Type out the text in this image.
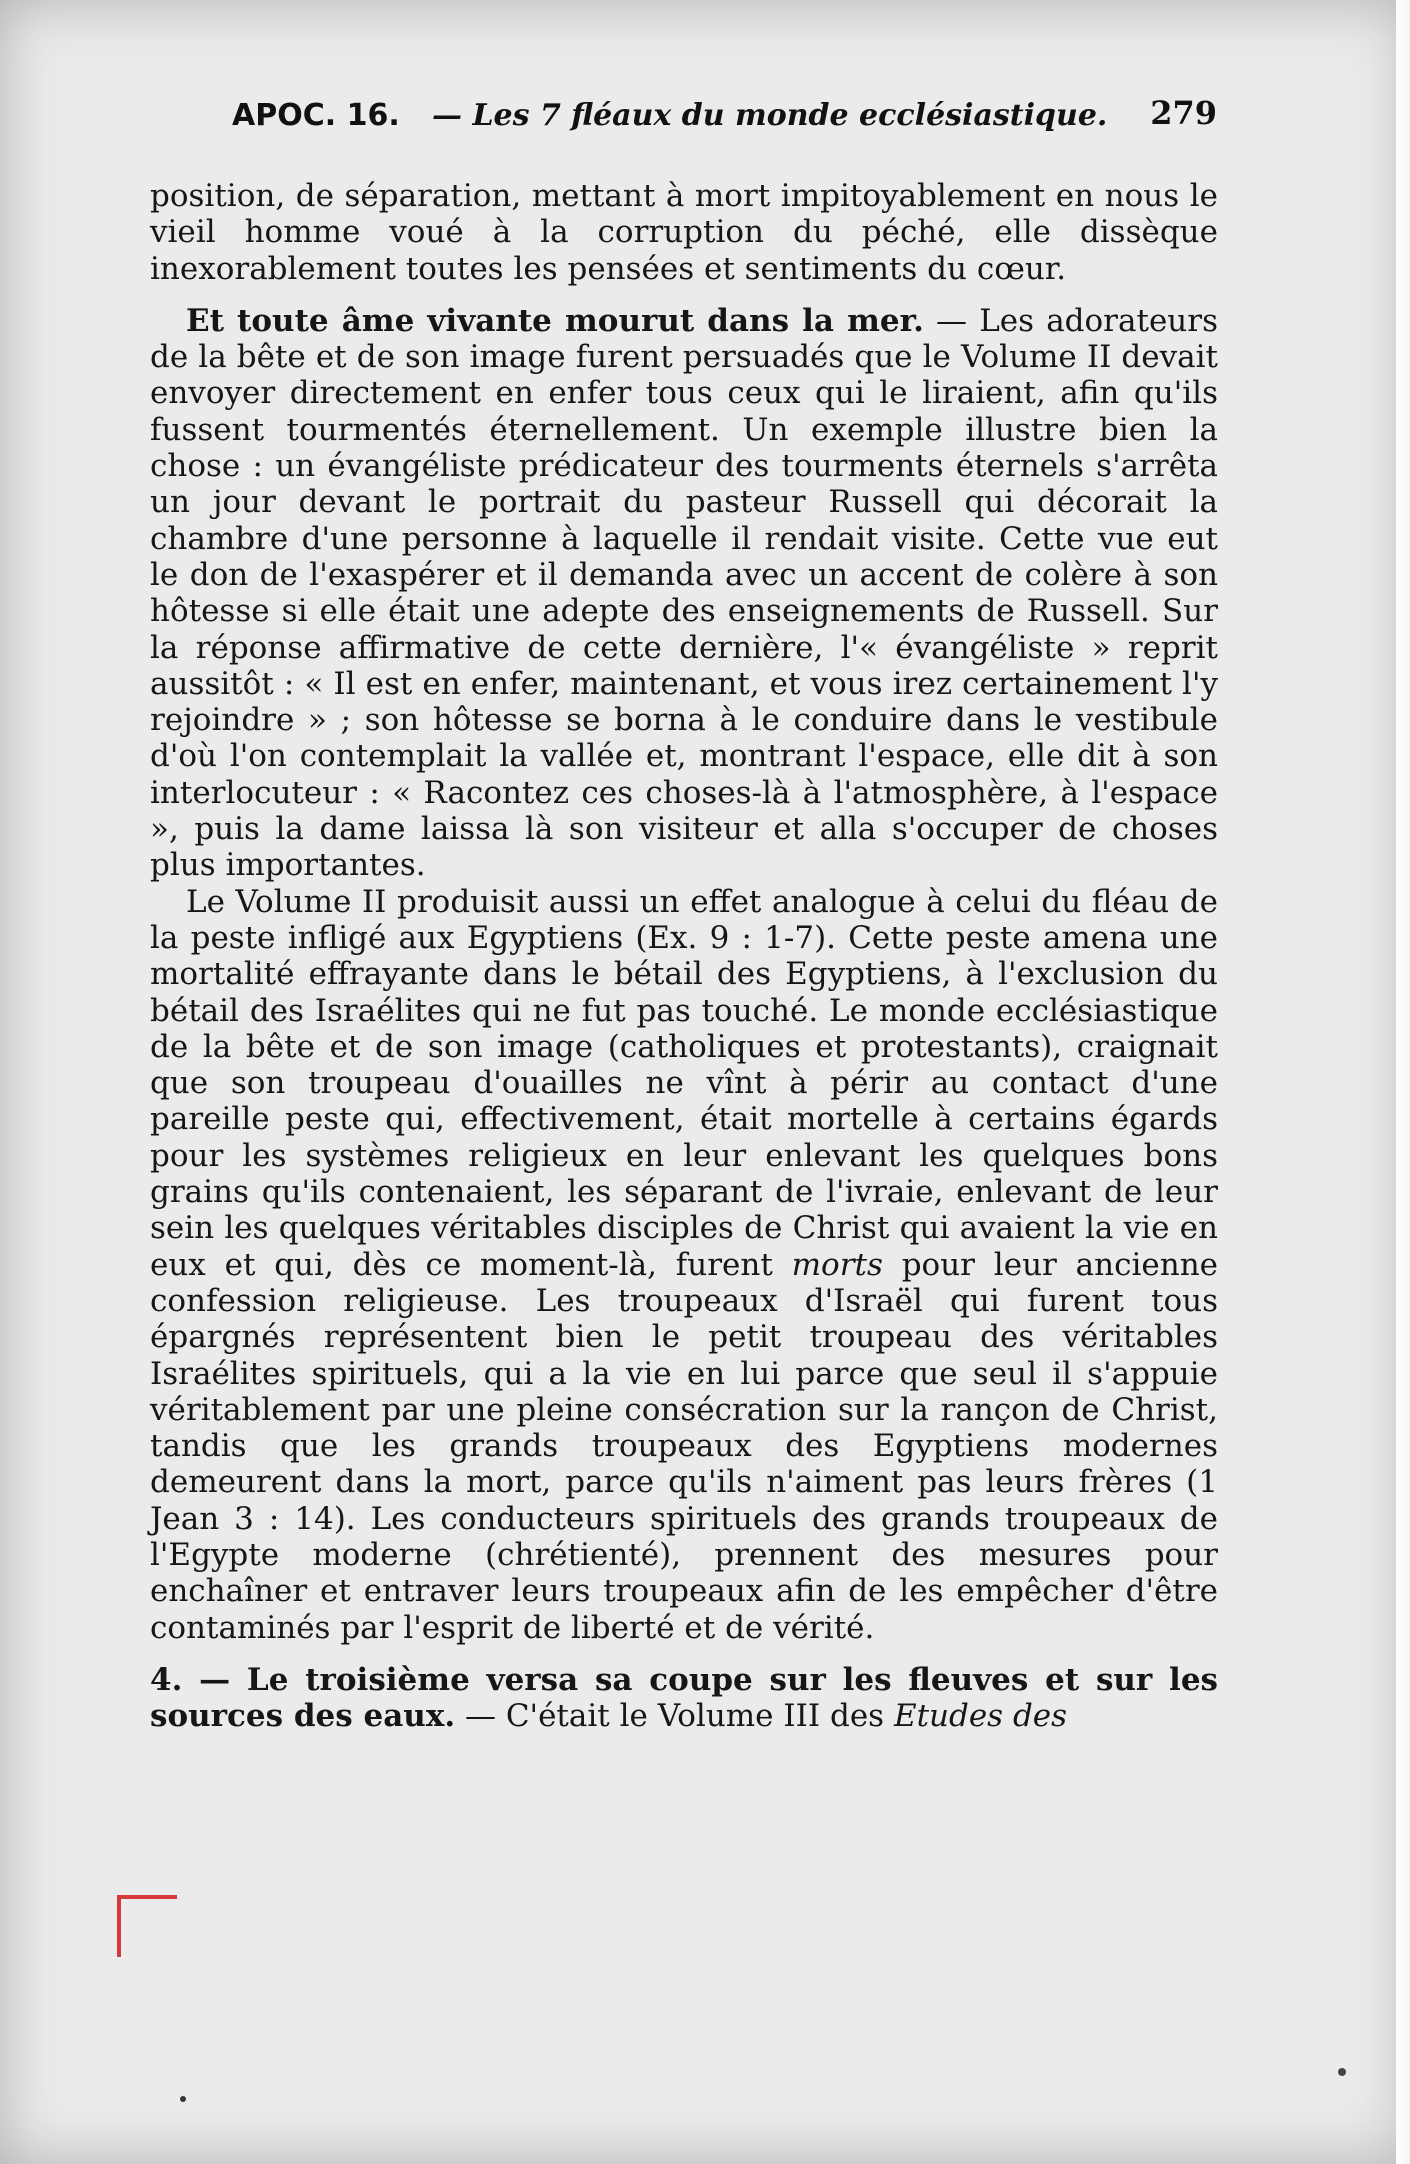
APOC. 16. — Les 7 fléaux du monde ecclésiastique. 279

position, de séparation, mettant à mort impitoyablement en nous le vieil homme voué à la corruption du péché, elle dissèque inexorablement toutes les pensées et sentiments du cœur.

Et toute âme vivante mourut dans la mer. — Les adorateurs de la bête et de son image furent persuadés que le Volume II devait envoyer directement en enfer tous ceux qui le liraient, afin qu'ils fussent tourmentés éternellement. Un exemple illustre bien la chose : un évangéliste prédicateur des tourments éternels s'arrêta un jour devant le portrait du pasteur Russell qui décorait la chambre d'une personne à laquelle il rendait visite. Cette vue eut le don de l'exaspérer et il demanda avec un accent de colère à son hôtesse si elle était une adepte des enseignements de Russell. Sur la réponse affirmative de cette dernière, l'« évangéliste » reprit aussitôt : « Il est en enfer, maintenant, et vous irez certainement l'y rejoindre » ; son hôtesse se borna à le conduire dans le vestibule d'où l'on contemplait la vallée et, montrant l'espace, elle dit à son interlocuteur : « Racontez ces choses-là à l'atmosphère, à l'espace », puis la dame laissa là son visiteur et alla s'occuper de choses plus importantes.

Le Volume II produisit aussi un effet analogue à celui du fléau de la peste infligé aux Egyptiens (Ex. 9 : 1-7). Cette peste amena une mortalité effrayante dans le bétail des Egyptiens, à l'exclusion du bétail des Israélites qui ne fut pas touché. Le monde ecclésiastique de la bête et de son image (catholiques et protestants), craignait que son troupeau d'ouailles ne vînt à périr au contact d'une pareille peste qui, effectivement, était mortelle à certains égards pour les systèmes religieux en leur enlevant les quelques bons grains qu'ils contenaient, les séparant de l'ivraie, enlevant de leur sein les quelques véritables disciples de Christ qui avaient la vie en eux et qui, dès ce moment-là, furent morts pour leur ancienne confession religieuse. Les troupeaux d'Israël qui furent tous épargnés représentent bien le petit troupeau des véritables Israélites spirituels, qui a la vie en lui parce que seul il s'appuie véritablement par une pleine consécration sur la rançon de Christ, tandis que les grands troupeaux des Egyptiens modernes demeurent dans la mort, parce qu'ils n'aiment pas leurs frères (1 Jean 3 : 14). Les conducteurs spirituels des grands troupeaux de l'Egypte moderne (chrétienté), prennent des mesures pour enchaîner et entraver leurs troupeaux afin de les empêcher d'être contaminés par l'esprit de liberté et de vérité.

4. — Le troisième versa sa coupe sur les fleuves et sur les sources des eaux. — C'était le Volume III des Etudes des
